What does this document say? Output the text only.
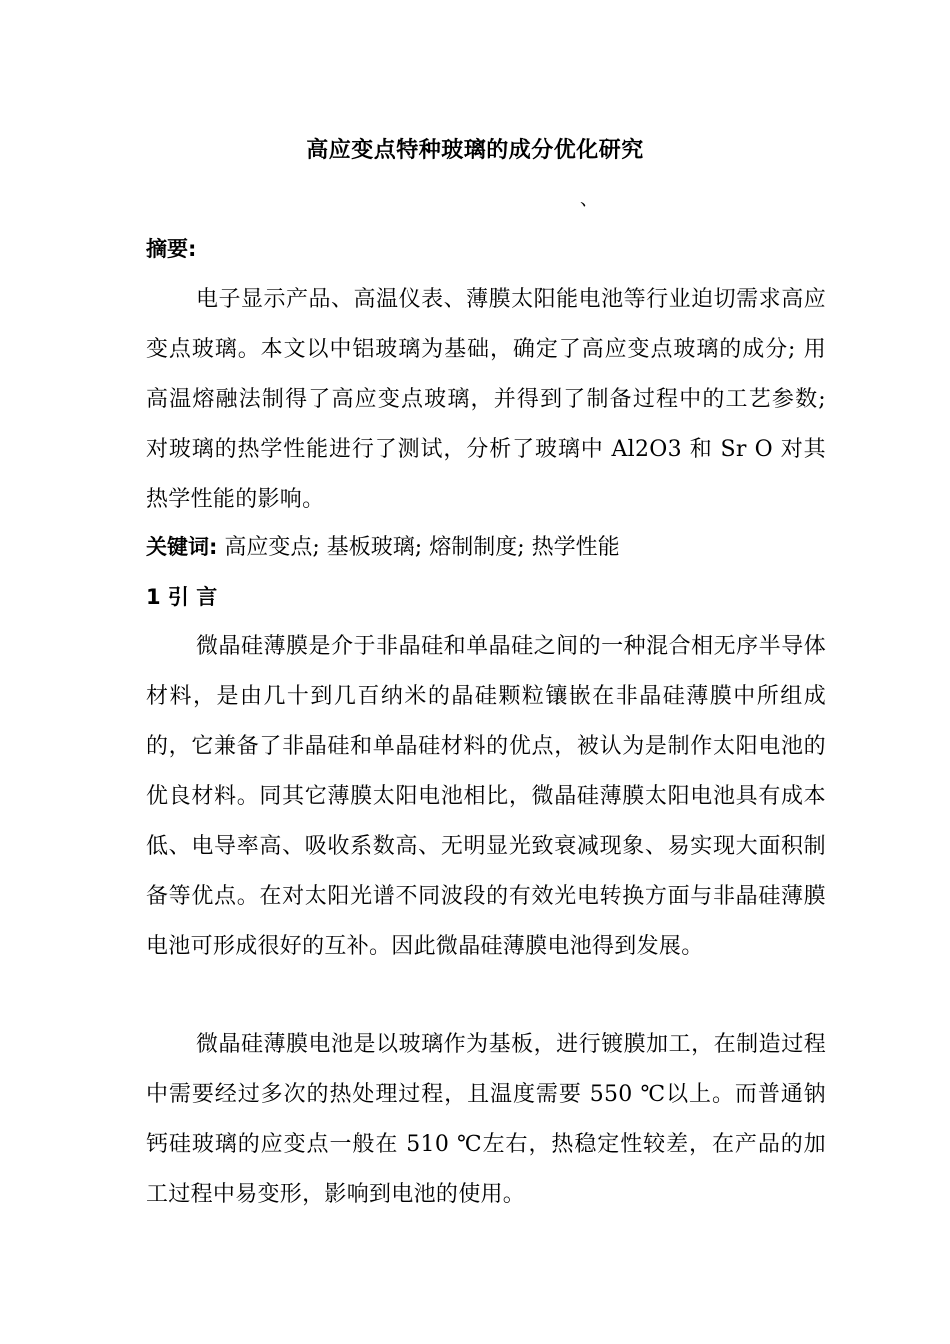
高应变点特种玻璃的成分优化研究
、
摘要:

电子显示产品、高温仪表、薄膜太阳能电池等行业迫切需求高应变点玻璃。本文以中铝玻璃为基础，确定了高应变点玻璃的成分; 用高温熔融法制得了高应变点玻璃，并得到了制备过程中的工艺参数; 对玻璃的热学性能进行了测试，分析了玻璃中 Al2O3 和 Sr O 对其热学性能的影响。

关键词: 高应变点; 基板玻璃; 熔制制度; 热学性能
1 引 言

微晶硅薄膜是介于非晶硅和单晶硅之间的一种混合相无序半导体材料，是由几十到几百纳米的晶硅颗粒镶嵌在非晶硅薄膜中所组成的，它兼备了非晶硅和单晶硅材料的优点，被认为是制作太阳电池的优良材料。同其它薄膜太阳电池相比，微晶硅薄膜太阳电池具有成本低、电导率高、吸收系数高、无明显光致衰减现象、易实现大面积制备等优点。在对太阳光谱不同波段的有效光电转换方面与非晶硅薄膜电池可形成很好的互补。因此微晶硅薄膜电池得到发展。

微晶硅薄膜电池是以玻璃作为基板，进行镀膜加工，在制造过程中需要经过多次的热处理过程，且温度需要 550 ℃以上。而普通钠钙硅玻璃的应变点一般在 510 ℃左右，热稳定性较差，在产品的加工过程中易变形，影响到电池的使用。
